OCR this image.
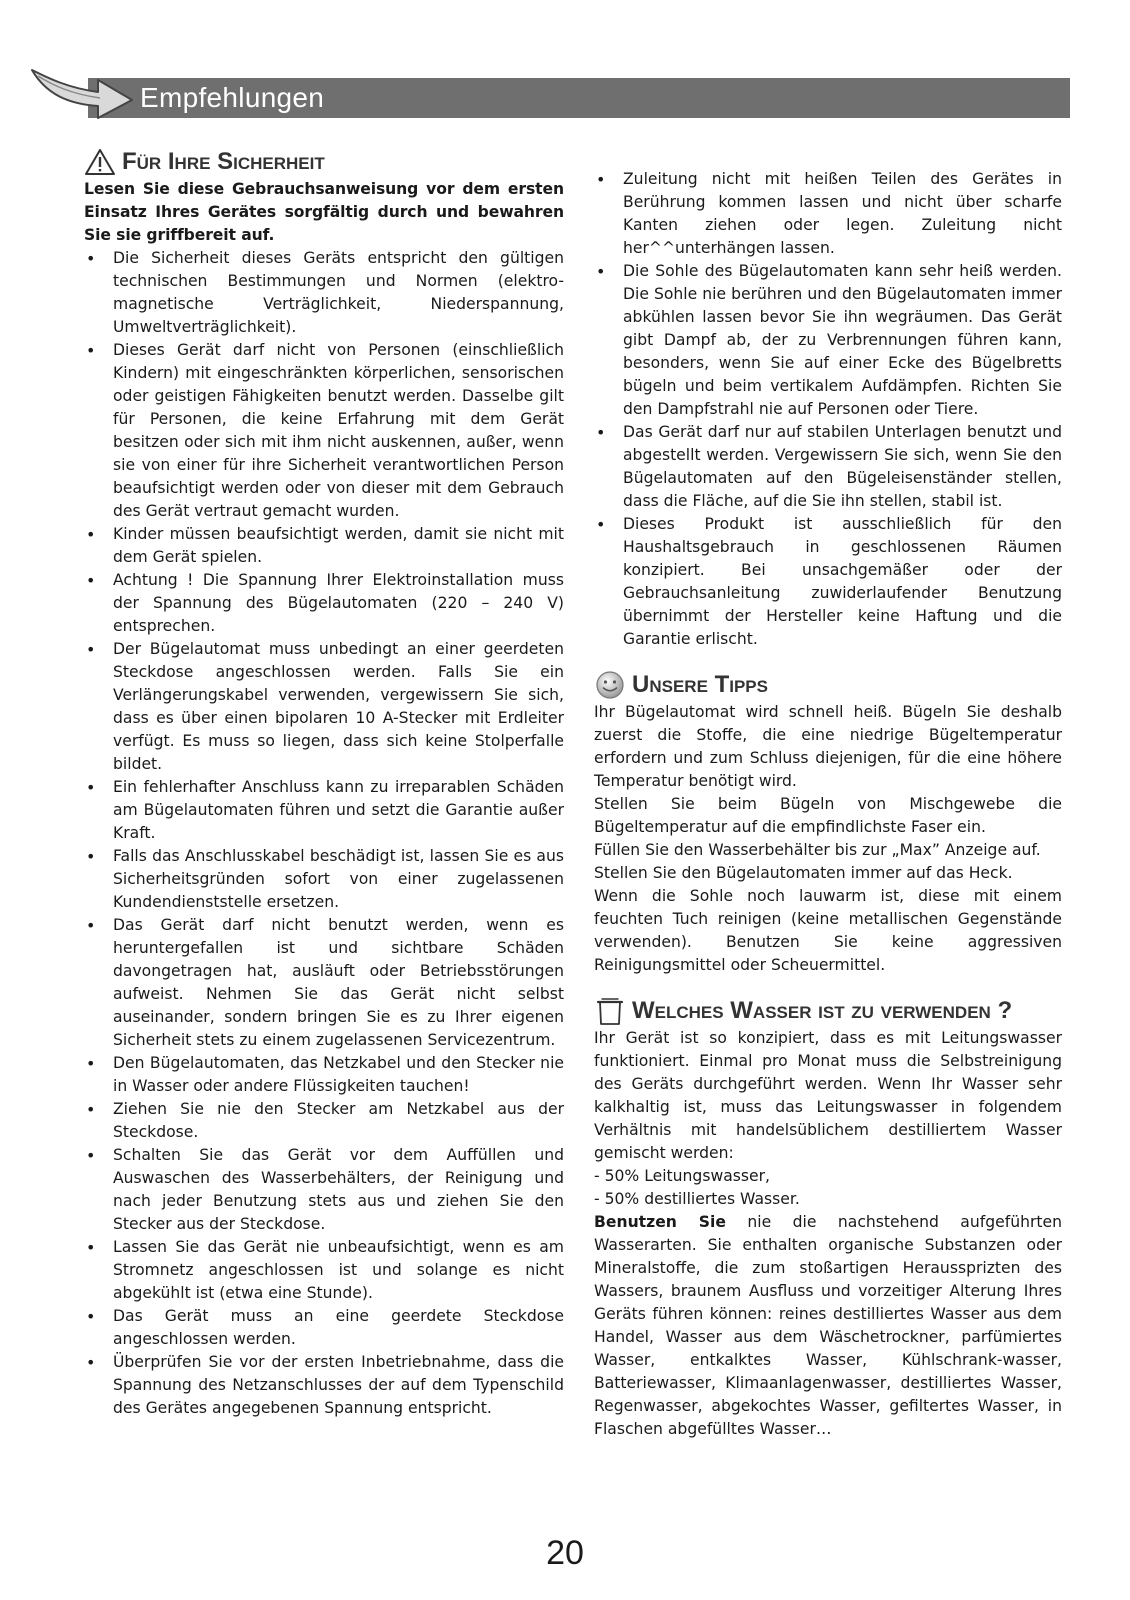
Empfehlungen
Für Ihre Sicherheit

Lesen Sie diese Gebrauchsanweisung vor dem ersten Einsatz Ihres Gerätes sorgfältig durch und bewahren Sie sie griffbereit auf.

• Die Sicherheit dieses Geräts entspricht den gültigen technischen Bestimmungen und Normen (elektro-magnetische Verträglichkeit, Niederspannung, Umweltverträglichkeit).
• Dieses Gerät darf nicht von Personen (einschließlich Kindern) mit eingeschränkten körperlichen, sensorischen oder geistigen Fähigkeiten benutzt werden. Dasselbe gilt für Personen, die keine Erfahrung mit dem Gerät besitzen oder sich mit ihm nicht auskennen, außer, wenn sie von einer für ihre Sicherheit verantwortlichen Person beaufsichtigt werden oder von dieser mit dem Gebrauch des Gerät vertraut gemacht wurden.
• Kinder müssen beaufsichtigt werden, damit sie nicht mit dem Gerät spielen.
• Achtung ! Die Spannung Ihrer Elektroinstallation muss der Spannung des Bügelautomaten (220 – 240 V) entsprechen.
• Der Bügelautomat muss unbedingt an einer geerdeten Steckdose angeschlossen werden. Falls Sie ein Verlängerungskabel verwenden, vergewissern Sie sich, dass es über einen bipolaren 10 A-Stecker mit Erdleiter verfügt. Es muss so liegen, dass sich keine Stolperfalle bildet.
• Ein fehlerhafter Anschluss kann zu irreparablen Schäden am Bügelautomaten führen und setzt die Garantie außer Kraft.
• Falls das Anschlusskabel beschädigt ist, lassen Sie es aus Sicherheitsgründen sofort von einer zugelassenen Kundendienststelle ersetzen.
• Das Gerät darf nicht benutzt werden, wenn es heruntergefallen ist und sichtbare Schäden davongetragen hat, ausläuft oder Betriebsstörungen aufweist. Nehmen Sie das Gerät nicht selbst auseinander, sondern bringen Sie es zu Ihrer eigenen Sicherheit stets zu einem zugelassenen Servicezentrum.
• Den Bügelautomaten, das Netzkabel und den Stecker nie in Wasser oder andere Flüssigkeiten tauchen!
• Ziehen Sie nie den Stecker am Netzkabel aus der Steckdose.
• Schalten Sie das Gerät vor dem Auffüllen und Auswaschen des Wasserbehälters, der Reinigung und nach jeder Benutzung stets aus und ziehen Sie den Stecker aus der Steckdose.
• Lassen Sie das Gerät nie unbeaufsichtigt, wenn es am Stromnetz angeschlossen ist und solange es nicht abgekühlt ist (etwa eine Stunde).
• Das Gerät muss an eine geerdete Steckdose angeschlossen werden.
• Überprüfen Sie vor der ersten Inbetriebnahme, dass die Spannung des Netzanschlusses der auf dem Typenschild des Gerätes angegebenen Spannung entspricht.
• Zuleitung nicht mit heißen Teilen des Gerätes in Berührung kommen lassen und nicht über scharfe Kanten ziehen oder legen. Zuleitung nicht her^^unterhängen lassen.
• Die Sohle des Bügelautomaten kann sehr heiß werden. Die Sohle nie berühren und den Bügelautomaten immer abkühlen lassen bevor Sie ihn wegräumen. Das Gerät gibt Dampf ab, der zu Verbrennungen führen kann, besonders, wenn Sie auf einer Ecke des Bügelbretts bügeln und beim vertikalem Aufdämpfen. Richten Sie den Dampfstrahl nie auf Personen oder Tiere.
• Das Gerät darf nur auf stabilen Unterlagen benutzt und abgestellt werden. Vergewissern Sie sich, wenn Sie den Bügelautomaten auf den Bügeleisenständer stellen, dass die Fläche, auf die Sie ihn stellen, stabil ist.
• Dieses Produkt ist ausschließlich für den Haushaltsgebrauch in geschlossenen Räumen konzipiert. Bei unsachgemäßer oder der Gebrauchsanleitung zuwiderlaufender Benutzung übernimmt der Hersteller keine Haftung und die Garantie erlischt.
Unsere Tipps

Ihr Bügelautomat wird schnell heiß. Bügeln Sie deshalb zuerst die Stoffe, die eine niedrige Bügeltemperatur erfordern und zum Schluss diejenigen, für die eine höhere Temperatur benötigt wird.

Stellen Sie beim Bügeln von Mischgewebe die Bügeltemperatur auf die empfindlichste Faser ein.

Füllen Sie den Wasserbehälter bis zur „Max” Anzeige auf.

Stellen Sie den Bügelautomaten immer auf das Heck.

Wenn die Sohle noch lauwarm ist, diese mit einem feuchten Tuch reinigen (keine metallischen Gegenstände verwenden). Benutzen Sie keine aggressiven Reinigungsmittel oder Scheuermittel.

Welches Wasser ist zu verwenden ?

Ihr Gerät ist so konzipiert, dass es mit Leitungswasser funktioniert. Einmal pro Monat muss die Selbstreinigung des Geräts durchgeführt werden. Wenn Ihr Wasser sehr kalkhaltig ist, muss das Leitungswasser in folgendem Verhältnis mit handelsüblichem destilliertem Wasser gemischt werden:

- 50% Leitungswasser,

- 50% destilliertes Wasser.

Benutzen Sie nie die nachstehend aufgeführten Wasserarten. Sie enthalten organische Substanzen oder Mineralstoffe, die zum stoßartigen Heraussprizten des Wassers, braunem Ausfluss und vorzeitiger Alterung Ihres Geräts führen können: reines destilliertes Wasser aus dem Handel, Wasser aus dem Wäschetrockner, parfümiertes Wasser, entkalktes Wasser, Kühlschrank-wasser, Batteriewasser, Klimaanlagenwasser, destilliertes Wasser, Regenwasser, abgekochtes Wasser, gefiltertes Wasser, in Flaschen abgefülltes Wasser…

20
